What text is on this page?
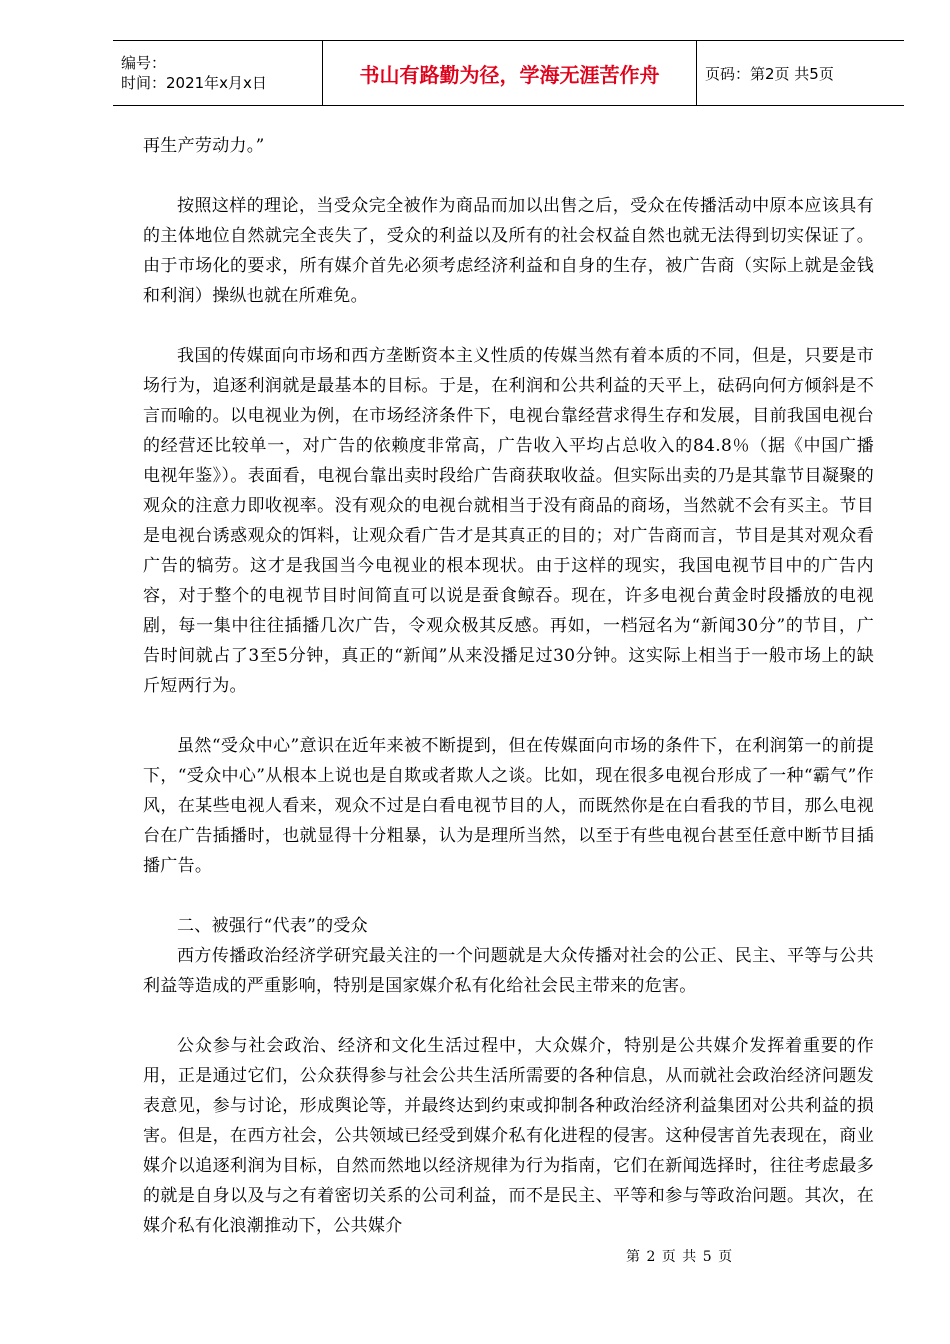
编号：
时间：2021年x月x日	书山有路勤为径，学海无涯苦作舟	页码：第2页 共5页

再生产劳动力。”

按照这样的理论，当受众完全被作为商品而加以出售之后，受众在传播活动中原本应该具有的主体地位自然就完全丧失了，受众的利益以及所有的社会权益自然也就无法得到切实保证了。由于市场化的要求，所有媒介首先必须考虑经济利益和自身的生存，被广告商（实际上就是金钱和利润）操纵也就在所难免。

我国的传媒面向市场和西方垄断资本主义性质的传媒当然有着本质的不同，但是，只要是市场行为，追逐利润就是最基本的目标。于是，在利润和公共利益的天平上，砝码向何方倾斜是不言而喻的。以电视业为例，在市场经济条件下，电视台靠经营求得生存和发展，目前我国电视台的经营还比较单一，对广告的依赖度非常高，广告收入平均占总收入的84.8％（据《中国广播电视年鉴》）。表面看，电视台靠出卖时段给广告商获取收益。但实际出卖的乃是其靠节目凝聚的观众的注意力即收视率。没有观众的电视台就相当于没有商品的商场，当然就不会有买主。节目是电视台诱惑观众的饵料，让观众看广告才是其真正的目的；对广告商而言，节目是其对观众看广告的犒劳。这才是我国当今电视业的根本现状。由于这样的现实，我国电视节目中的广告内容，对于整个的电视节目时间简直可以说是蚕食鲸吞。现在，许多电视台黄金时段播放的电视剧，每一集中往往插播几次广告，令观众极其反感。再如，一档冠名为“新闻30分”的节目，广告时间就占了3至5分钟，真正的“新闻”从来没播足过30分钟。这实际上相当于一般市场上的缺斤短两行为。

虽然“受众中心”意识在近年来被不断提到，但在传媒面向市场的条件下，在利润第一的前提下，“受众中心”从根本上说也是自欺或者欺人之谈。比如，现在很多电视台形成了一种“霸气”作风，在某些电视人看来，观众不过是白看电视节目的人，而既然你是在白看我的节目，那么电视台在广告插播时，也就显得十分粗暴，认为是理所当然，以至于有些电视台甚至任意中断节目插播广告。

二、被强行“代表”的受众

西方传播政治经济学研究最关注的一个问题就是大众传播对社会的公正、民主、平等与公共利益等造成的严重影响，特别是国家媒介私有化给社会民主带来的危害。

公众参与社会政治、经济和文化生活过程中，大众媒介，特别是公共媒介发挥着重要的作用，正是通过它们，公众获得参与社会公共生活所需要的各种信息，从而就社会政治经济问题发表意见，参与讨论，形成舆论等，并最终达到约束或抑制各种政治经济利益集团对公共利益的损害。但是，在西方社会，公共领域已经受到媒介私有化进程的侵害。这种侵害首先表现在，商业媒介以追逐利润为目标，自然而然地以经济规律为行为指南，它们在新闻选择时，往往考虑最多的就是自身以及与之有着密切关系的公司利益，而不是民主、平等和参与等政治问题。其次，在媒介私有化浪潮推动下，公共媒介

第 2 页 共 5 页
